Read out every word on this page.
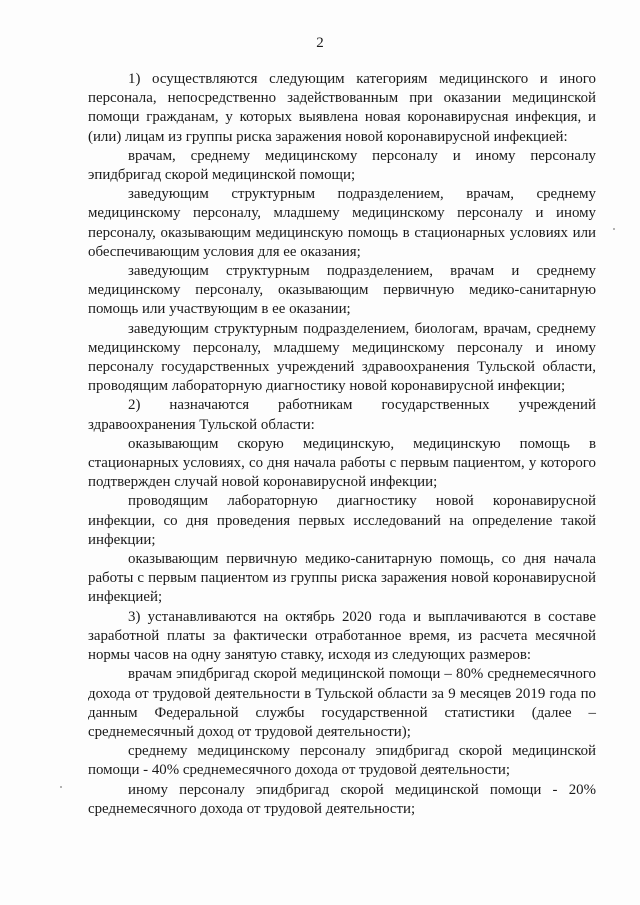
2

1) осуществляются следующим категориям медицинского и иного персонала, непосредственно задействованным при оказании медицинской помощи гражданам, у которых выявлена новая коронавирусная инфекция, и (или) лицам из группы риска заражения новой коронавирусной инфекцией:

врачам, среднему медицинскому персоналу и иному персоналу эпидбригад скорой медицинской помощи;

заведующим структурным подразделением, врачам, среднему медицинскому персоналу, младшему медицинскому персоналу и иному персоналу, оказывающим медицинскую помощь в стационарных условиях или обеспечивающим условия для ее оказания;

заведующим структурным подразделением, врачам и среднему медицинскому персоналу, оказывающим первичную медико-санитарную помощь или участвующим в ее оказании;

заведующим структурным подразделением, биологам, врачам, среднему медицинскому персоналу, младшему медицинскому персоналу и иному персоналу государственных учреждений здравоохранения Тульской области, проводящим лабораторную диагностику новой коронавирусной инфекции;

2) назначаются работникам государственных учреждений здравоохранения Тульской области:

оказывающим скорую медицинскую, медицинскую помощь в стационарных условиях, со дня начала работы с первым пациентом, у которого подтвержден случай новой коронавирусной инфекции;

проводящим лабораторную диагностику новой коронавирусной инфекции, со дня проведения первых исследований на определение такой инфекции;

оказывающим первичную медико-санитарную помощь, со дня начала работы с первым пациентом из группы риска заражения новой коронавирусной инфекцией;

3) устанавливаются на октябрь 2020 года и выплачиваются в составе заработной платы за фактически отработанное время, из расчета месячной нормы часов на одну занятую ставку, исходя из следующих размеров:

врачам эпидбригад скорой медицинской помощи – 80% среднемесячного дохода от трудовой деятельности в Тульской области за 9 месяцев 2019 года по данным Федеральной службы государственной статистики (далее – среднемесячный доход от трудовой деятельности);

среднему медицинскому персоналу эпидбригад скорой медицинской помощи - 40% среднемесячного дохода от трудовой деятельности;

иному персоналу эпидбригад скорой медицинской помощи - 20% среднемесячного дохода от трудовой деятельности;
